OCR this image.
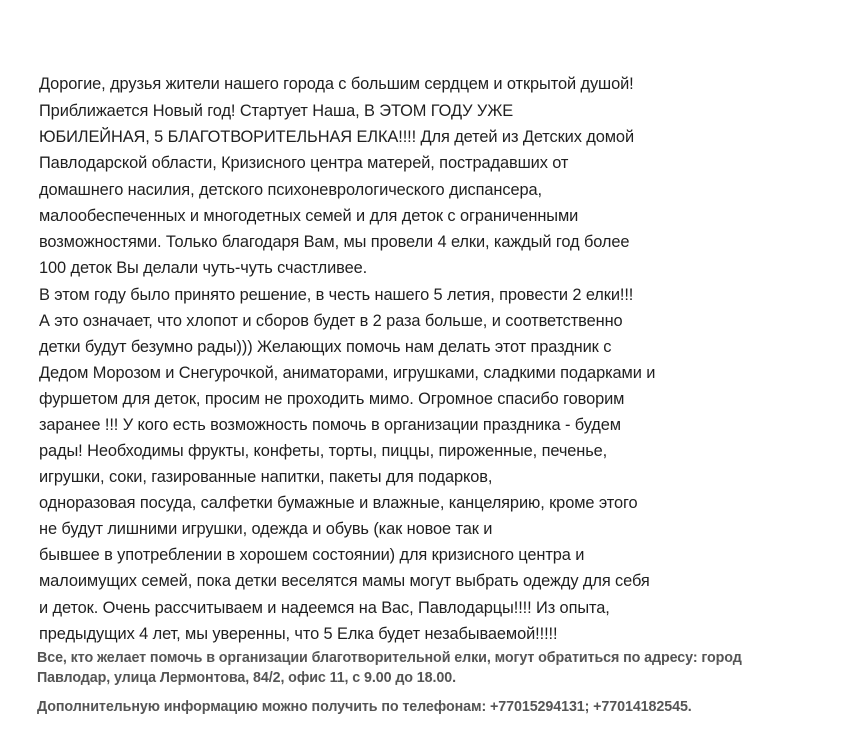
Дорогие, друзья жители нашего города с большим сердцем и открытой душой!
Приближается Новый год! Стартует Наша, В ЭТОМ ГОДУ УЖЕ
ЮБИЛЕЙНАЯ, 5 БЛАГОТВОРИТЕЛЬНАЯ ЕЛКА!!!! Для детей из Детских домой
Павлодарской области, Кризисного центра матерей, пострадавших от
домашнего насилия, детского психоневрологического диспансера,
малообеспеченных и многодетных семей и для деток с ограниченными
возможностями. Только благодаря Вам, мы провели 4 елки, каждый год более
100 деток Вы делали чуть-чуть счастливее.
В этом году было принято решение, в честь нашего 5 летия, провести 2 елки!!!
А это означает, что хлопот и сборов будет в 2 раза больше, и соответственно
детки будут безумно рады))) Желающих помочь нам делать этот праздник с
Дедом Морозом и Снегурочкой, аниматорами, игрушками, сладкими подарками и
фуршетом для деток, просим не проходить мимо. Огромное спасибо говорим
заранее !!! У кого есть возможность помочь в организации праздника - будем
рады! Необходимы фрукты, конфеты, торты, пиццы, пироженные, печенье,
игрушки, соки, газированные напитки, пакеты для подарков,
одноразовая посуда, салфетки бумажные и влажные, канцелярию, кроме этого
не будут лишними игрушки, одежда и обувь (как новое так и
бывшее в употреблении в хорошем состоянии) для кризисного центра и
малоимущих семей, пока детки веселятся мамы могут выбрать одежду для себя
и деток. Очень рассчитываем и надеемся на Вас, Павлодарцы!!!! Из опыта,
предыдущих 4 лет, мы уверенны, что 5 Елка будет незабываемой!!!!!
Все, кто желает помочь в организации благотворительной елки, могут обратиться по адресу: город
Павлодар, улица Лермонтова, 84/2, офис 11, с 9.00 до 18.00.
Дополнительную информацию можно получить по телефонам: +77015294131; +77014182545.
